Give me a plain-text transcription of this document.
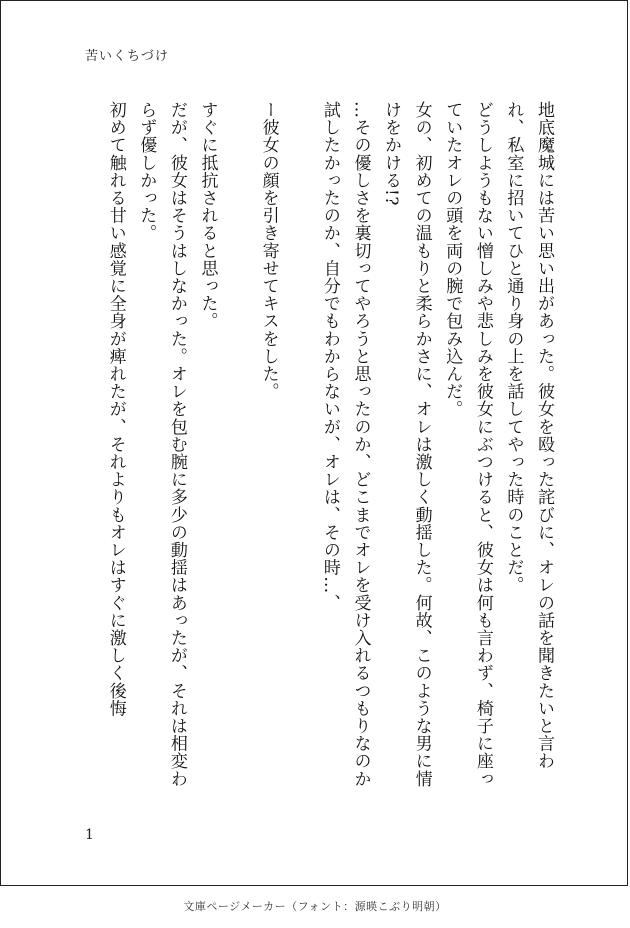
苦いくちづけ

地底魔城には苦い思い出があった。彼女を殴った詫びに、オレの話を聞きたいと言われ、私室に招いてひと通り身の上を話してやった時のことだ。

どうしようもない憎しみや悲しみを彼女にぶつけると、彼女は何も言わず、椅子に座っていたオレの頭を両の腕で包み込んだ。

女の、初めての温もりと柔らかさに、オレは激しく動揺した。何故、このような男に情けをかける!?

…その優しさを裏切ってやろうと思ったのか、どこまでオレを受け入れるつもりなのか試したかったのか、自分でもわからないが、オレは、その時…、

ー彼女の顔を引き寄せてキスをした。

すぐに抵抗されると思った。

だが、彼女はそうはしなかった。オレを包む腕に多少の動揺はあったが、それは相変わらず優しかった。

初めて触れる甘い感覚に全身が痺れたが、それよりもオレはすぐに激しく後悔

1
文庫ページメーカー（フォント：源暎こぶり明朝）
